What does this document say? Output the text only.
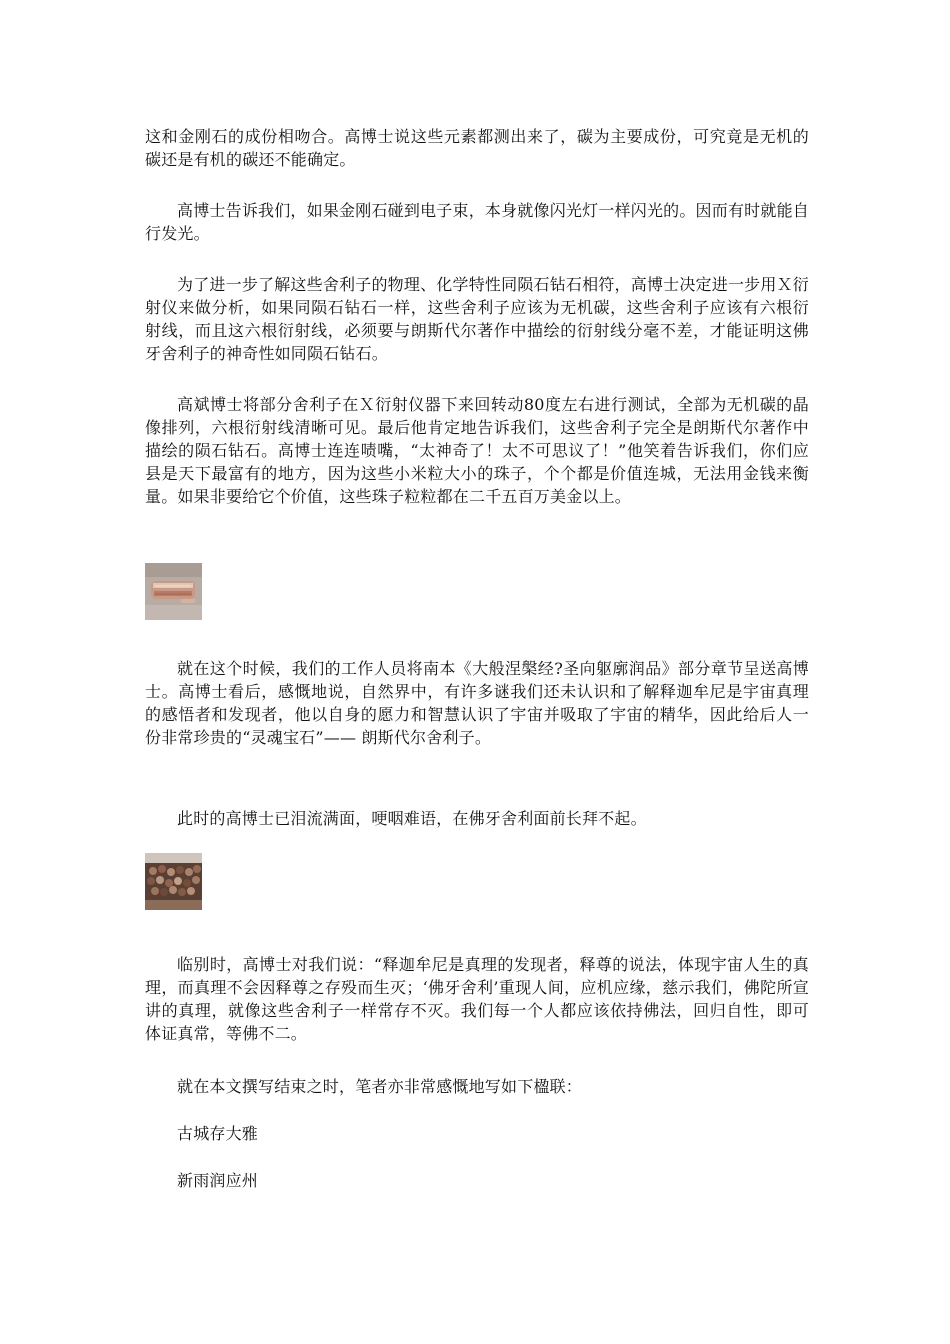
这和金刚石的成份相吻合。高博士说这些元素都测出来了，碳为主要成份，可究竟是无机的碳还是有机的碳还不能确定。

高博士告诉我们，如果金刚石碰到电子束，本身就像闪光灯一样闪光的。因而有时就能自行发光。

为了进一步了解这些舍利子的物理、化学特性同陨石钻石相符，高博士决定进一步用Ｘ衍射仪来做分析，如果同陨石钻石一样，这些舍利子应该为无机碳，这些舍利子应该有六根衍射线，而且这六根衍射线，必须要与朗斯代尔著作中描绘的衍射线分毫不差，才能证明这佛牙舍利子的神奇性如同陨石钻石。

高斌博士将部分舍利子在Ｘ衍射仪器下来回转动80度左右进行测试，全部为无机碳的晶像排列，六根衍射线清晰可见。最后他肯定地告诉我们，这些舍利子完全是朗斯代尔著作中描绘的陨石钻石。高博士连连啧嘴，“太神奇了！太不可思议了！”他笑着告诉我们，你们应县是天下最富有的地方，因为这些小米粒大小的珠子，个个都是价值连城，无法用金钱来衡量。如果非要给它个价值，这些珠子粒粒都在二千五百万美金以上。

就在这个时候，我们的工作人员将南本《大般涅槃经?圣向躯廓润品》部分章节呈送高博士。高博士看后，感慨地说，自然界中，有许多谜我们还未认识和了解释迦牟尼是宇宙真理的感悟者和发现者，他以自身的愿力和智慧认识了宇宙并吸取了宇宙的精华，因此给后人一份非常珍贵的“灵魂宝石”—— 朗斯代尔舍利子。

此时的高博士已泪流满面，哽咽难语，在佛牙舍利面前长拜不起。

临别时，高博士对我们说：“释迦牟尼是真理的发现者，释尊的说法，体现宇宙人生的真理，而真理不会因释尊之存殁而生灭；‘佛牙舍利’重现人间，应机应缘，慈示我们，佛陀所宣讲的真理，就像这些舍利子一样常存不灭。我们每一个人都应该依持佛法，回归自性，即可体证真常，等佛不二。

就在本文撰写结束之时，笔者亦非常感慨地写如下楹联：

古城存大雅

新雨润应州
